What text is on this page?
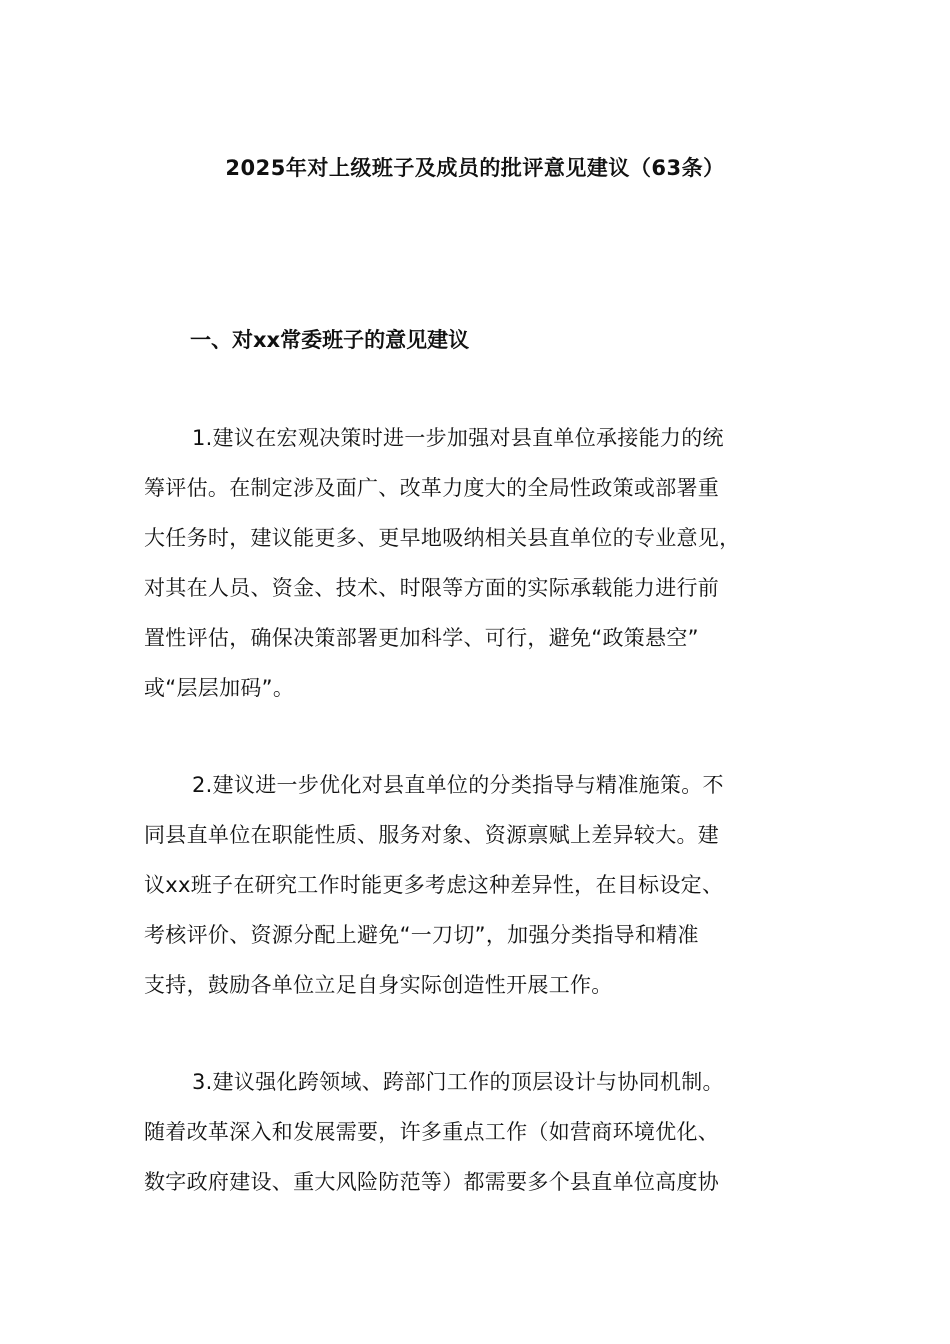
2025年对上级班子及成员的批评意见建议（63条）
一、对xx常委班子的意见建议
1.建议在宏观决策时进一步加强对县直单位承接能力的统
筹评估。在制定涉及面广、改革力度大的全局性政策或部署重
大任务时，建议能更多、更早地吸纳相关县直单位的专业意见，
对其在人员、资金、技术、时限等方面的实际承载能力进行前
置性评估，确保决策部署更加科学、可行，避免“政策悬空”
或“层层加码”。
2.建议进一步优化对县直单位的分类指导与精准施策。不
同县直单位在职能性质、服务对象、资源禀赋上差异较大。建
议xx班子在研究工作时能更多考虑这种差异性，在目标设定、
考核评价、资源分配上避免“一刀切”，加强分类指导和精准
支持，鼓励各单位立足自身实际创造性开展工作。
3.建议强化跨领域、跨部门工作的顶层设计与协同机制。
随着改革深入和发展需要，许多重点工作（如营商环境优化、
数字政府建设、重大风险防范等）都需要多个县直单位高度协
